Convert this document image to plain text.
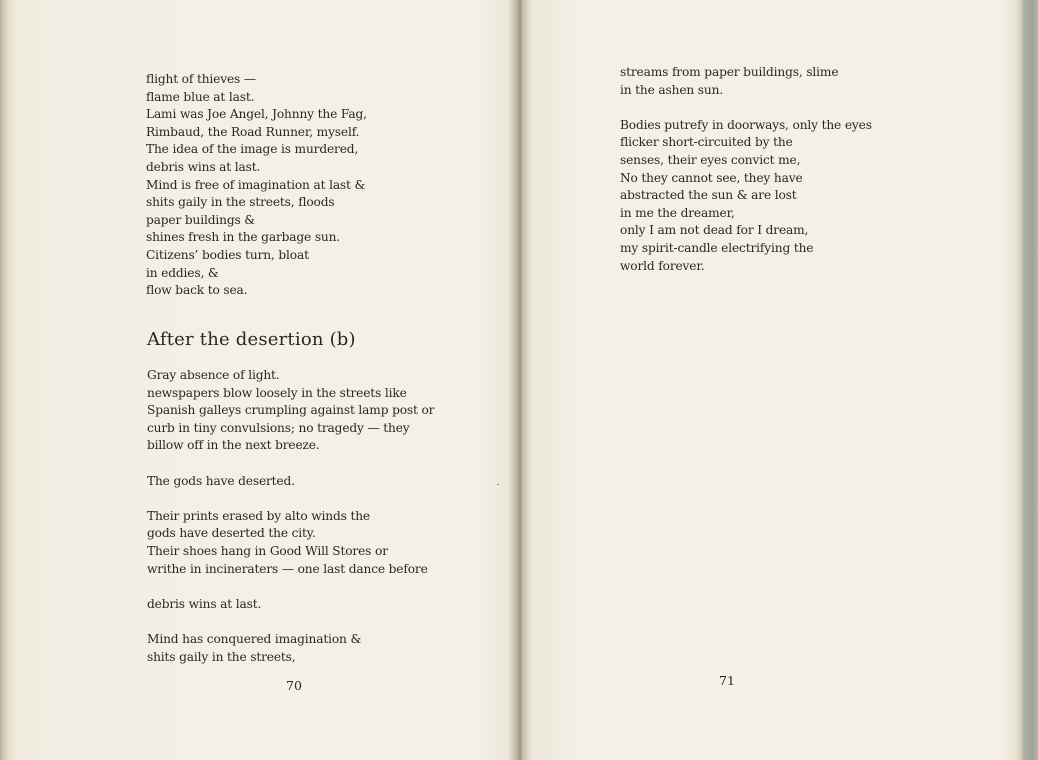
flight of thieves —
flame blue at last.
Lami was Joe Angel, Johnny the Fag,
Rimbaud, the Road Runner, myself.
The idea of the image is murdered,
debris wins at last.
Mind is free of imagination at last &
shits gaily in the streets, floods
paper buildings &
shines fresh in the garbage sun.
Citizens’ bodies turn, bloat
in eddies, &
flow back to sea.
After the desertion (b)
Gray absence of light.
newspapers blow loosely in the streets like
Spanish galleys crumpling against lamp post or
curb in tiny convulsions; no tragedy — they
billow off in the next breeze.
The gods have deserted.
Their prints erased by alto winds the
gods have deserted the city.
Their shoes hang in Good Will Stores or
writhe in incineraters — one last dance before
debris wins at last.
Mind has conquered imagination &
shits gaily in the streets,
70
streams from paper buildings, slime
in the ashen sun.
Bodies putrefy in doorways, only the eyes
flicker short-circuited by the
senses, their eyes convict me,
No they cannot see, they have
abstracted the sun & are lost
in me the dreamer,
only I am not dead for I dream,
my spirit-candle electrifying the
world forever.
71
